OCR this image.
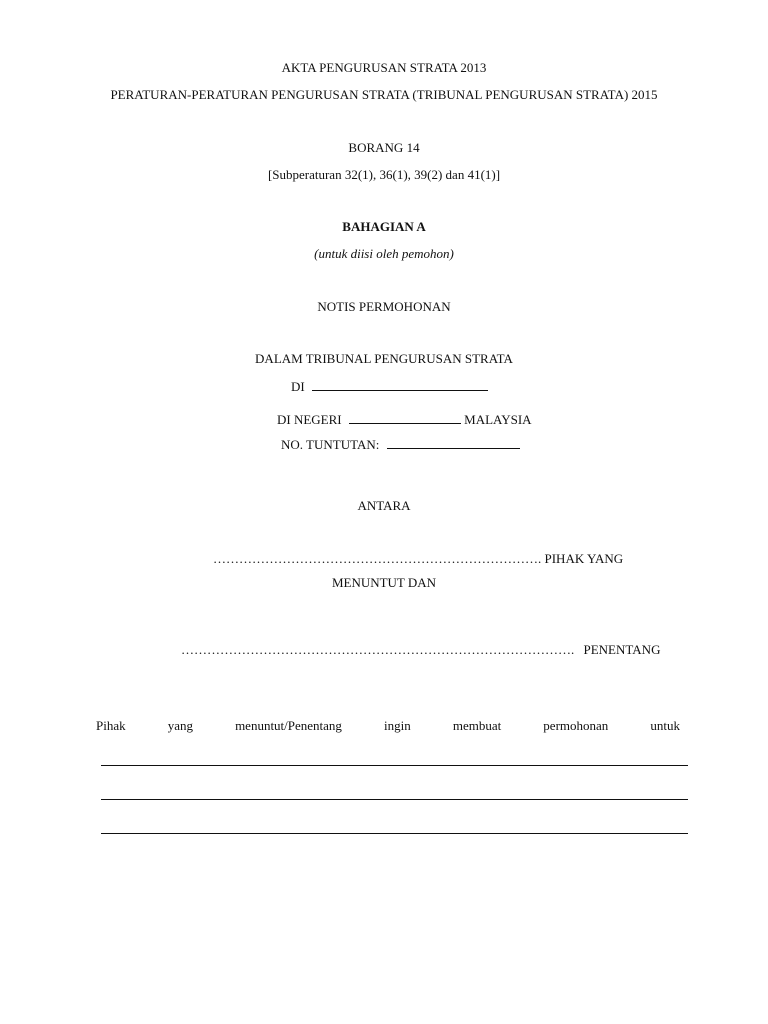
AKTA PENGURUSAN STRATA 2013
PERATURAN-PERATURAN PENGURUSAN STRATA (TRIBUNAL PENGURUSAN STRATA) 2015
BORANG 14
[Subperaturan 32(1), 36(1), 39(2) dan 41(1)]
BAHAGIAN A
(untuk diisi oleh pemohon)
NOTIS PERMOHONAN
DALAM TRIBUNAL PENGURUSAN STRATA
DI
DI NEGERI	MALAYSIA
NO. TUNTUTAN:
ANTARA
…………………………………………………………………. PIHAK YANG
MENUNTUT DAN
………………………………………………………………………………. PENENTANG
Pihak	yang	menuntut/Penentang	ingin	membuat	permohonan	untuk
